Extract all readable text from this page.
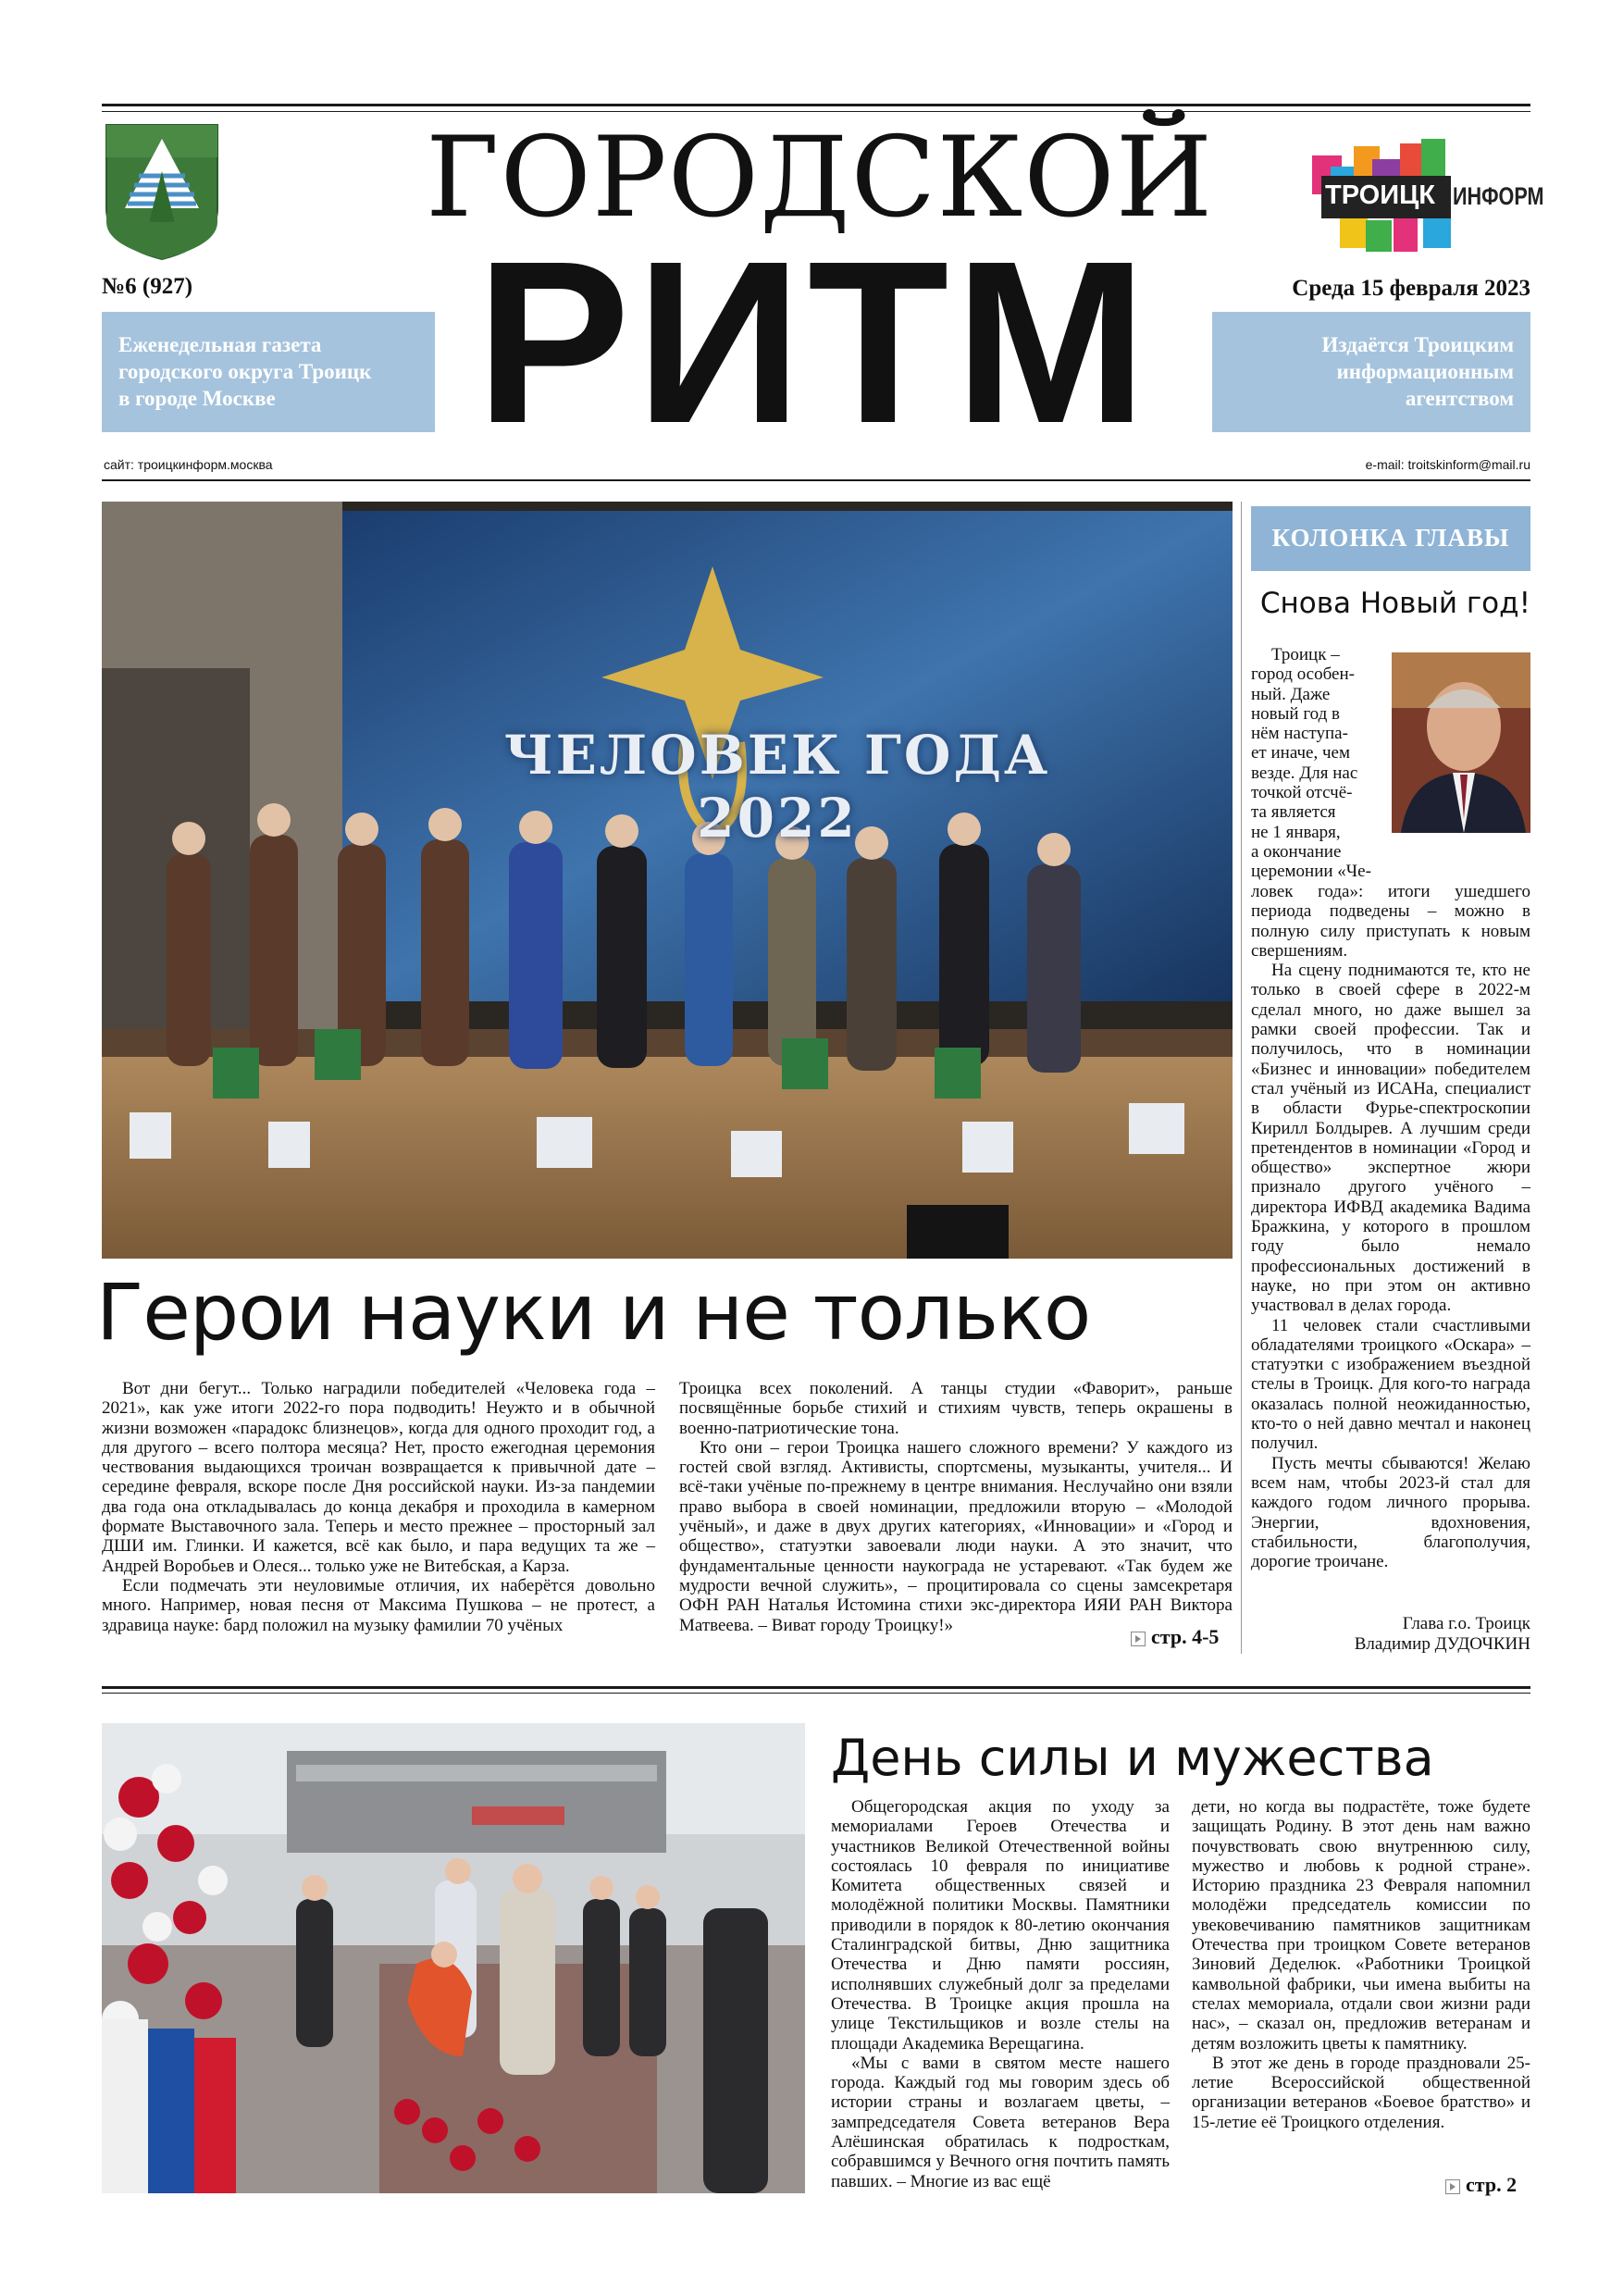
ГОРОДСКОЙ
№6 (927)	Среда 15 февраля 2023
Еженедельная газета
городского округа Троицк
в городе Москве
Издаётся Троицким
информационным
агентством
РИТМ
ТРОИЦК ИНФОРМ
сайт: троицкинформ.москва	e-mail: troitskinform@mail.ru
ЧЕЛОВЕК ГОДА
2022
Герои науки и не только

Вот дни бегут... Только наградили победителей «Человека года – 2021», как уже итоги 2022-го пора подводить! Неужто и в обычной жизни возможен «парадокс близнецов», когда для одного проходит год, а для другого – всего полтора месяца? Нет, просто ежегодная церемония чествования выдающихся троичан возвращается к привычной дате – середине февраля, вскоре после Дня российской науки. Из-за пандемии два года она откладывалась до конца декабря и проходила в камерном формате Выставочного зала. Теперь и место прежнее – просторный зал ДШИ им. Глинки. И кажется, всё как было, и пара ведущих та же – Андрей Воробьев и Олеся... только уже не Витебская, а Карза.

Если подмечать эти неуловимые отличия, их наберётся довольно много. Например, новая песня от Максима Пушкова – не протест, а здравица науке: бард положил на музыку фамилии 70 учёных

Троицка всех поколений. А танцы студии «Фаворит», раньше посвящённые борьбе стихий и стихиям чувств, теперь окрашены в военно-патриотические тона.

Кто они – герои Троицка нашего сложного времени? У каждого из гостей свой взгляд. Активисты, спортсмены, музыканты, учителя... И всё-таки учёные по-прежнему в центре внимания. Неслучайно они взяли право выбора в своей номинации, предложили вторую – «Молодой учёный», и даже в двух других категориях, «Инновации» и «Город и общество», статуэтки завоевали люди науки. А это значит, что фундаментальные ценности наукограда не устаревают. «Так будем же мудрости вечной служить», – процитировала со сцены замсекретаря ОФН РАН Наталья Истомина стихи экс-директора ИЯИ РАН Виктора Матвеева. – Виват городу Троицку!»	стр. 4-5
КОЛОНКА ГЛАВЫ
Снова Новый год!
Троицк –
город особен-
ный. Даже
новый год в
нём наступа-
ет иначе, чем
везде. Для нас
точкой отсчё-
та является
не 1 января,
а окончание
церемонии «Че-

ловек года»: итоги ушедшего периода подведены – можно в полную силу приступать к новым свершениям.

На сцену поднимаются те, кто не только в своей сфере в 2022-м сделал много, но даже вышел за рамки своей профессии. Так и получилось, что в номинации «Бизнес и инновации» победителем стал учёный из ИСАНа, специалист в области Фурье-спектроскопии Кирилл Болдырев. А лучшим среди претендентов в номинации «Город и общество» экспертное жюри признало другого учёного – директора ИФВД академика Вадима Бражкина, у которого в прошлом году было немало профессиональных достижений в науке, но при этом он активно участвовал в делах города.

11 человек стали счастливыми обладателями троицкого «Оскара» – статуэтки с изображением въездной стелы в Троицк. Для кого-то награда оказалась полной неожиданностью, кто-то о ней давно мечтал и наконец получил.

Пусть мечты сбываются! Желаю всем нам, чтобы 2023-й стал для каждого годом личного прорыва. Энергии, вдохновения, стабильности, благополучия, дорогие троичане.

Глава г.о. Троицк
Владимир ДУДОЧКИН
День силы и мужества

Общегородская акция по уходу за мемориалами Героев Отечества и участников Великой Отечественной войны состоялась 10 февраля по инициативе Комитета общественных связей и молодёжной политики Москвы. Памятники приводили в порядок к 80-летию окончания Сталинградской битвы, Дню защитника Отечества и Дню памяти россиян, исполнявших служебный долг за пределами Отечества. В Троицке акция прошла на улице Текстильщиков и возле стелы на площади Академика Верещагина.

«Мы с вами в святом месте нашего города. Каждый год мы говорим здесь об истории страны и возлагаем цветы, – зампредседателя Совета ветеранов Вера Алёшинская обратилась к подросткам, собравшимся у Вечного огня почтить память павших. – Многие из вас ещё

дети, но когда вы подрастёте, тоже будете защищать Родину. В этот день нам важно почувствовать свою внутреннюю силу, мужество и любовь к родной стране». Историю праздника 23 Февраля напомнил молодёжи председатель комиссии по увековечиванию памятников защитникам Отечества при троицком Совете ветеранов Зиновий Деделюк. «Работники Троицкой камвольной фабрики, чьи имена выбиты на стелах мемориала, отдали свои жизни ради нас», – сказал он, предложив ветеранам и детям возложить цветы к памятнику.

В этот же день в городе праздновали 25-летие Всероссийской общественной организации ветеранов «Боевое братство» и 15-летие её Троицкого отделения.

стр. 2
